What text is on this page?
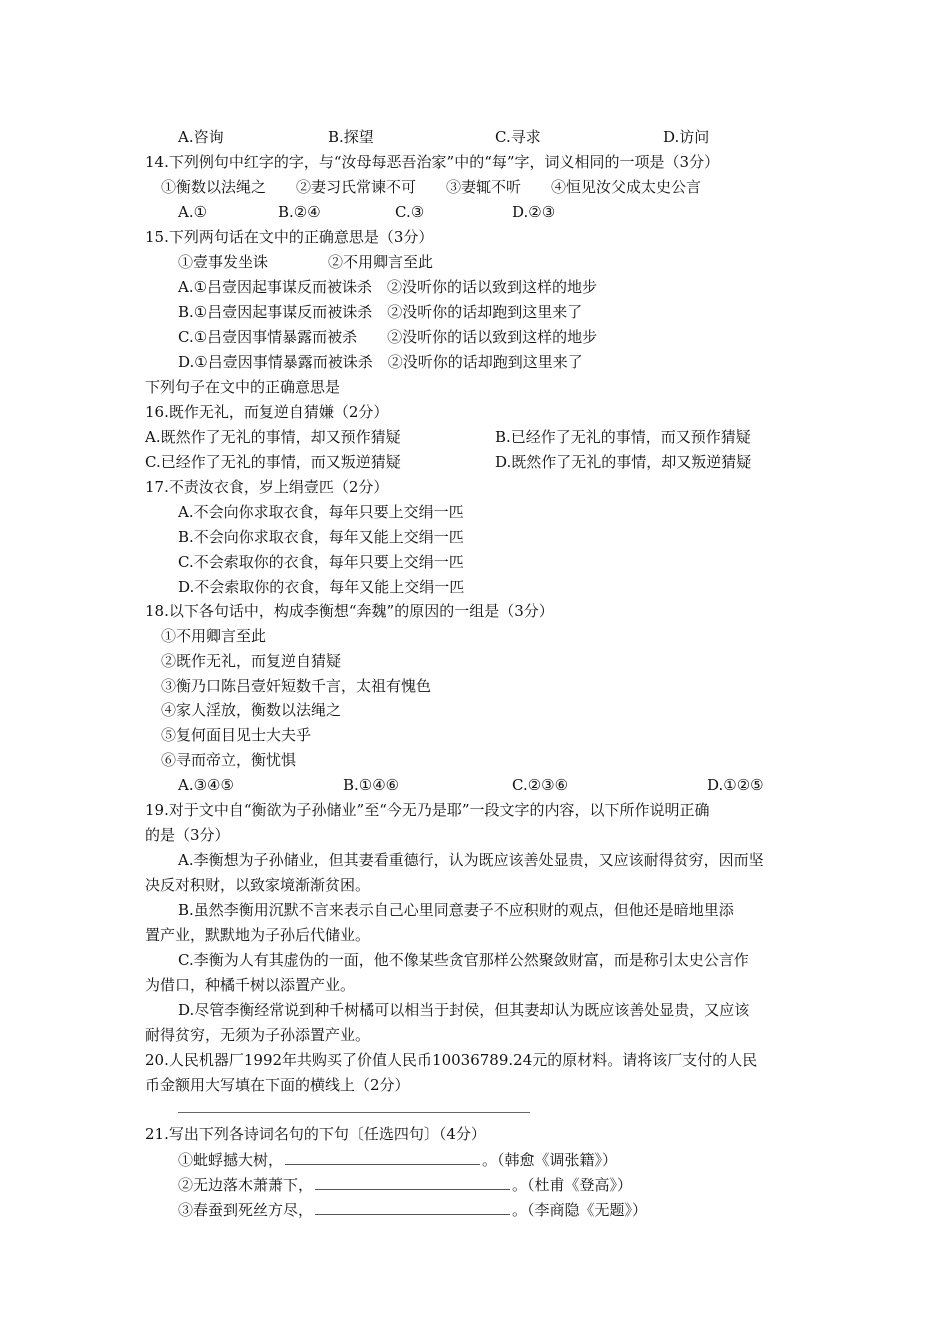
A.咨询	B.探望	C.寻求	D.访问
14.下列例句中红字的字，与“汝母每恶吾治家”中的“每”字，词义相同的一项是（3分）
①衡数以法绳之　　②妻习氏常谏不可　　③妻辄不听　　④恒见汝父成太史公言
A.①	B.②④	C.③	D.②③
15.下列两句话在文中的正确意思是（3分）
①壹事发坐诛　　　　②不用卿言至此
A.①吕壹因起事谋反而被诛杀　②没听你的话以致到这样的地步
B.①吕壹因起事谋反而被诛杀　②没听你的话却跑到这里来了
C.①吕壹因事情暴露而被杀　　②没听你的话以致到这样的地步
D.①吕壹因事情暴露而被诛杀　②没听你的话却跑到这里来了
下列句子在文中的正确意思是
16.既作无礼，而复逆自猜嫌（2分）
A.既然作了无礼的事情，却又预作猜疑	B.已经作了无礼的事情，而又预作猜疑
C.已经作了无礼的事情，而又叛逆猜疑	D.既然作了无礼的事情，却又叛逆猜疑
17.不责汝衣食，岁上绢壹匹（2分）
A.不会向你求取衣食，每年只要上交绢一匹
B.不会向你求取衣食，每年又能上交绢一匹
C.不会索取你的衣食，每年只要上交绢一匹
D.不会索取你的衣食，每年又能上交绢一匹
18.以下各句话中，构成李衡想“奔魏”的原因的一组是（3分）
①不用卿言至此
②既作无礼，而复逆自猜疑
③衡乃口陈吕壹奸短数千言，太祖有愧色
④家人淫放，衡数以法绳之
⑤复何面目见士大夫乎
⑥寻而帝立，衡忧惧
A.③④⑤	B.①④⑥	C.②③⑥	D.①②⑤
19.对于文中自“衡欲为子孙储业”至“今无乃是耶”一段文字的内容，以下所作说明正确
的是（3分）
A.李衡想为子孙储业，但其妻看重德行，认为既应该善处显贵，又应该耐得贫穷，因而坚
决反对积财，以致家境渐渐贫困。
B.虽然李衡用沉默不言来表示自己心里同意妻子不应积财的观点，但他还是暗地里添
置产业，默默地为子孙后代储业。
C.李衡为人有其虚伪的一面，他不像某些贪官那样公然聚敛财富，而是称引太史公言作
为借口，种橘千树以添置产业。
D.尽管李衡经常说到种千树橘可以相当于封侯，但其妻却认为既应该善处显贵，又应该
耐得贫穷，无须为子孙添置产业。
20.人民机器厂1992年共购买了价值人民币10036789.24元的原材料。请将该厂支付的人民
币金额用大写填在下面的横线上（2分）
21.写出下列各诗词名句的下句〔任选四句〕（4分）
①蚍蜉撼大树，	。（韩愈《调张籍》）
②无边落木萧萧下，	。（杜甫《登高》）
③春蚕到死丝方尽，	。（李商隐《无题》）
